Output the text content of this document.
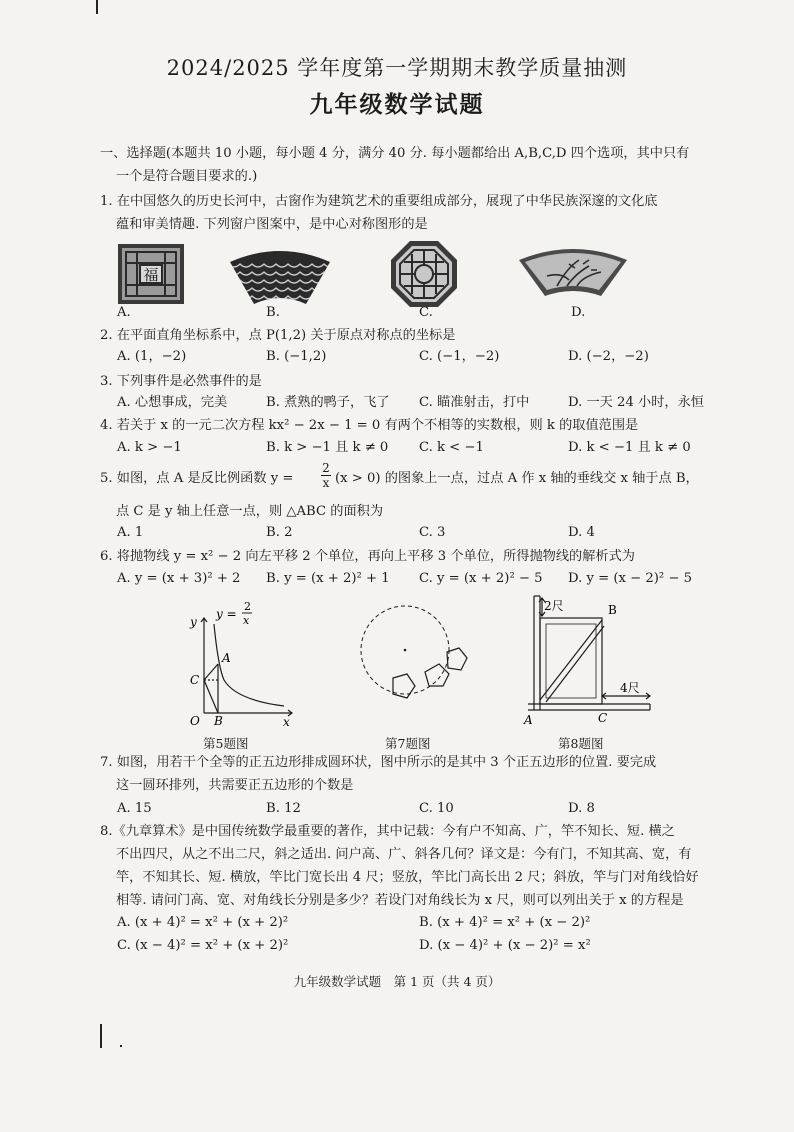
2024/2025 学年度第一学期期末教学质量抽测
九年级数学试题
一、选择题(本题共 10 小题，每小题 4 分，满分 40 分. 每小题都给出 A,B,C,D 四个选项，其中只有
一个是符合题目要求的.)
1. 在中国悠久的历史长河中，古窗作为建筑艺术的重要组成部分，展现了中华民族深邃的文化底
蕴和审美情趣. 下列窗户图案中，是中心对称图形的是
福
A.	B.	C.	D.
2. 在平面直角坐标系中，点 P(1,2) 关于原点对称点的坐标是
A. (1，−2)	B. (−1,2)	C. (−1，−2)	D. (−2，−2)
3. 下列事件是必然事件的是
A. 心想事成，完美	B. 煮熟的鸭子，飞了 C. 瞄准射击，打中	D. 一天 24 小时，永恒
4. 若关于 x 的一元二次方程 kx² − 2x − 1 = 0 有两个不相等的实数根，则 k 的取值范围是
A. k > −1	B. k > −1 且 k ≠ 0 C. k < −1	D. k < −1 且 k ≠ 0
5. 如图，点 A 是反比例函数 $y = \frac{2}{x} (x > 0)$ 的图象上一点，过点 A 作 x 轴的垂线交 x 轴于点 B，
点 C 是 y 轴上任意一点，则 △ABC 的面积为
A. 1	B. 2	C. 3	D. 4
6. 将抛物线 y = x² − 2 向左平移 2 个单位，再向上平移 3 个单位，所得抛物线的解析式为
A. y = (x + 3)² + 2 B. y = (x + 2)² + 1 C. y = (x + 2)² − 5 D. y = (x − 2)² − 5
y
x
O
y =
2
x
A
B
C
第5题图	第7题图
2尺	B
4尺
A	C
第8题图
7. 如图，用若干个全等的正五边形排成圆环状，图中所示的是其中 3 个正五边形的位置. 要完成
这一圆环排列，共需要正五边形的个数是
A. 15	B. 12	C. 10	D. 8
8.《九章算术》是中国传统数学最重要的著作，其中记载：今有户不知高、广，竿不知长、短. 横之
不出四尺，从之不出二尺，斜之适出. 问户高、广、斜各几何？译文是：今有门，不知其高、宽，有
竿，不知其长、短. 横放，竿比门宽长出 4 尺；竖放，竿比门高长出 2 尺；斜放，竿与门对角线恰好
相等. 请问门高、宽、对角线长分别是多少？若设门对角线长为 x 尺，则可以列出关于 x 的方程是
A. (x + 4)² = x² + (x + 2)²	B. (x + 4)² = x² + (x − 2)²
C. (x − 4)² = x² + (x + 2)²	D. (x − 4)² + (x − 2)² = x²
九年级数学试题　第 1 页（共 4 页）
